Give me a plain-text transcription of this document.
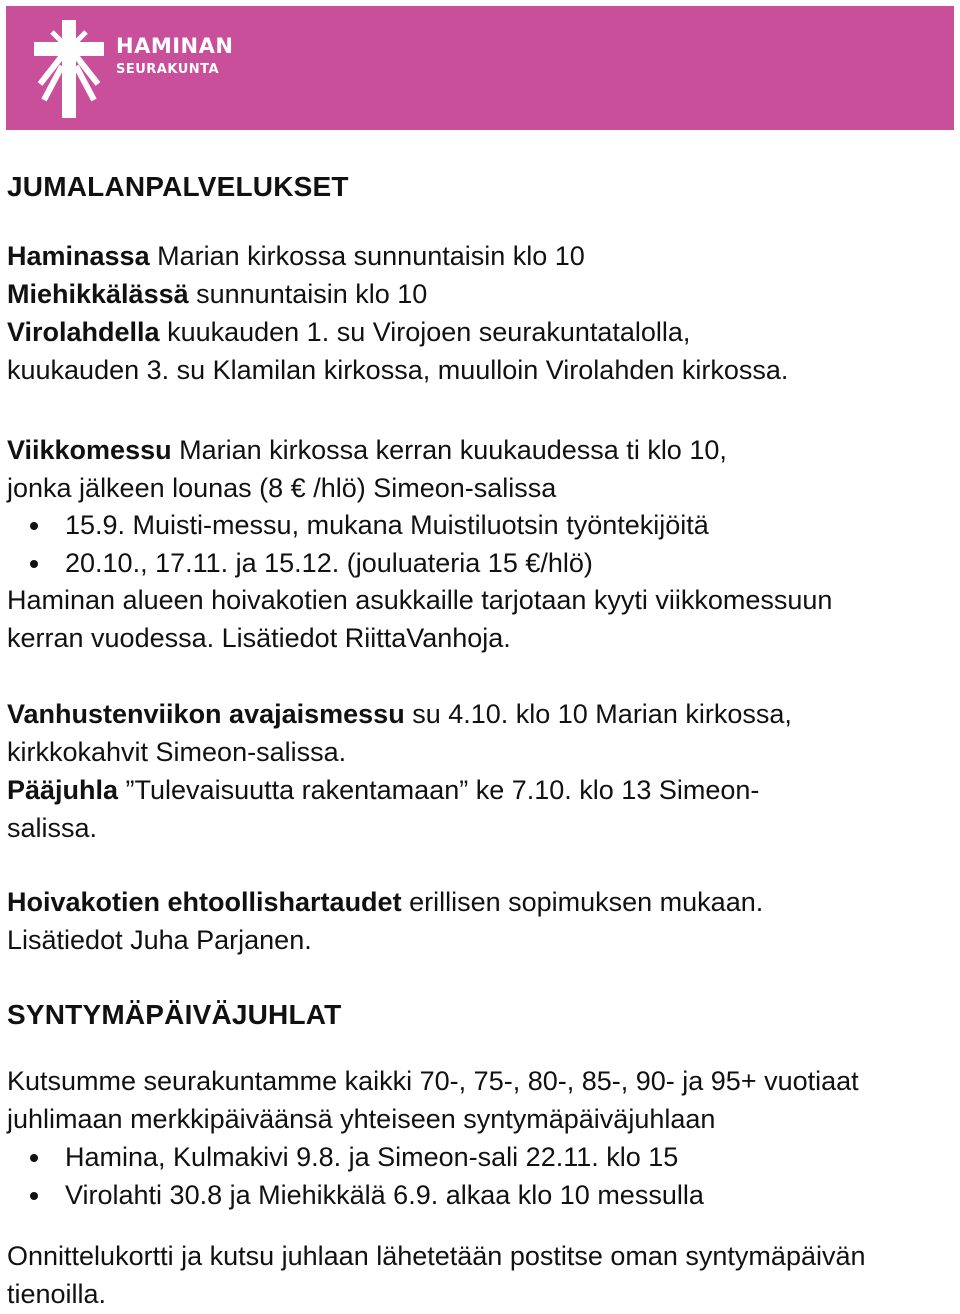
HAMINAN
SEURAKUNTA
JUMALANPALVELUKSET
Haminassa Marian kirkossa sunnuntaisin klo 10
Miehikkälässä sunnuntaisin klo 10
Virolahdella kuukauden 1. su Virojoen seurakuntatalolla,
kuukauden 3. su Klamilan kirkossa, muulloin Virolahden kirkossa.
Viikkomessu Marian kirkossa kerran kuukaudessa ti klo 10,
jonka jälkeen lounas (8 € /hlö) Simeon-salissa
15.9. Muisti-messu, mukana Muistiluotsin työntekijöitä
20.10., 17.11. ja 15.12. (jouluateria 15 €/hlö)
Haminan alueen hoivakotien asukkaille tarjotaan kyyti viikkomessuun
kerran vuodessa. Lisätiedot RiittaVanhoja.
Vanhustenviikon avajaismessu su 4.10. klo 10 Marian kirkossa,
kirkkokahvit Simeon-salissa.
Pääjuhla ”Tulevaisuutta rakentamaan” ke 7.10. klo 13 Simeon-
salissa.
Hoivakotien ehtoollishartaudet erillisen sopimuksen mukaan.
Lisätiedot Juha Parjanen.
SYNTYMÄPÄIVÄJUHLAT
Kutsumme seurakuntamme kaikki 70-, 75-, 80-, 85-, 90- ja 95+ vuotiaat
juhlimaan merkkipäiväänsä yhteiseen syntymäpäiväjuhlaan
Hamina, Kulmakivi 9.8. ja Simeon-sali 22.11. klo 15
Virolahti 30.8 ja Miehikkälä 6.9. alkaa klo 10 messulla
Onnittelukortti ja kutsu juhlaan lähetetään postitse oman syntymäpäivän
tienoilla.
